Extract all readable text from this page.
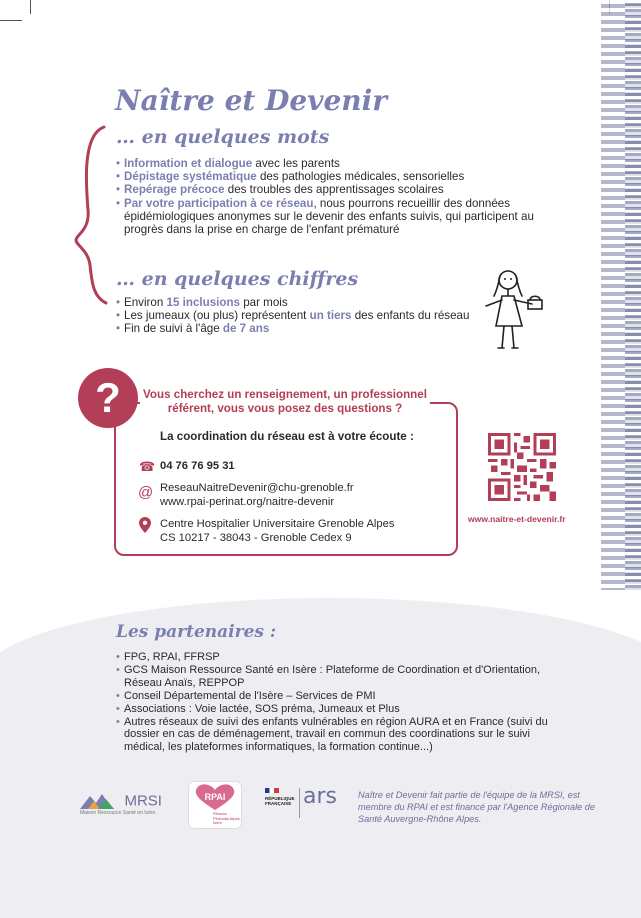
Naître et Devenir
… en quelques mots
• Information et dialogue avec les parents
• Dépistage systématique des pathologies médicales, sensorielles
• Repérage précoce des troubles des apprentissages scolaires
• Par votre participation à ce réseau, nous pourrons recueillir des données épidémiologiques anonymes sur le devenir des enfants suivis, qui participent au progrès dans la prise en charge de l'enfant prématuré
… en quelques chiffres
• Environ 15 inclusions par mois
• Les jumeaux (ou plus) représentent un tiers des enfants du réseau
• Fin de suivi à l'âge de 7 ans
?	Vous cherchez un renseignement, un professionnel référent, vous vous posez des questions ?
La coordination du réseau est à votre écoute :
☎ 04 76 76 95 31
@ ReseauNaitreDevenir@chu-grenoble.fr
www.rpai-perinat.org/naitre-devenir
Centre Hospitalier Universitaire Grenoble Alpes
CS 10217 - 38043 - Grenoble Cedex 9
www.naitre-et-devenir.fr
Les partenaires :
• FPG, RPAI, FFRSP
• GCS Maison Ressource Santé en Isère : Plateforme de Coordination et d'Orientation, Réseau Anaïs, REPPOP
• Conseil Départemental de l'Isère – Services de PMI
• Associations : Voie lactée, SOS préma, Jumeaux et Plus
• Autres réseaux de suivi des enfants vulnérables en région AURA et en France (suivi du dossier en cas de déménagement, travail en commun des coordinations sur le suivi médical, les plateformes informatiques, la formation continue...)
MRSI
Maison Ressource Santé en Isère
RPAI
Réseau Périnatal Alpes-Isère
RÉPUBLIQUE FRANÇAISE ars Naître et Devenir fait partie de l'équipe de la MRSI, est membre du RPAI et est financé par l'Agence Régionale de Santé Auvergne-Rhône Alpes.
